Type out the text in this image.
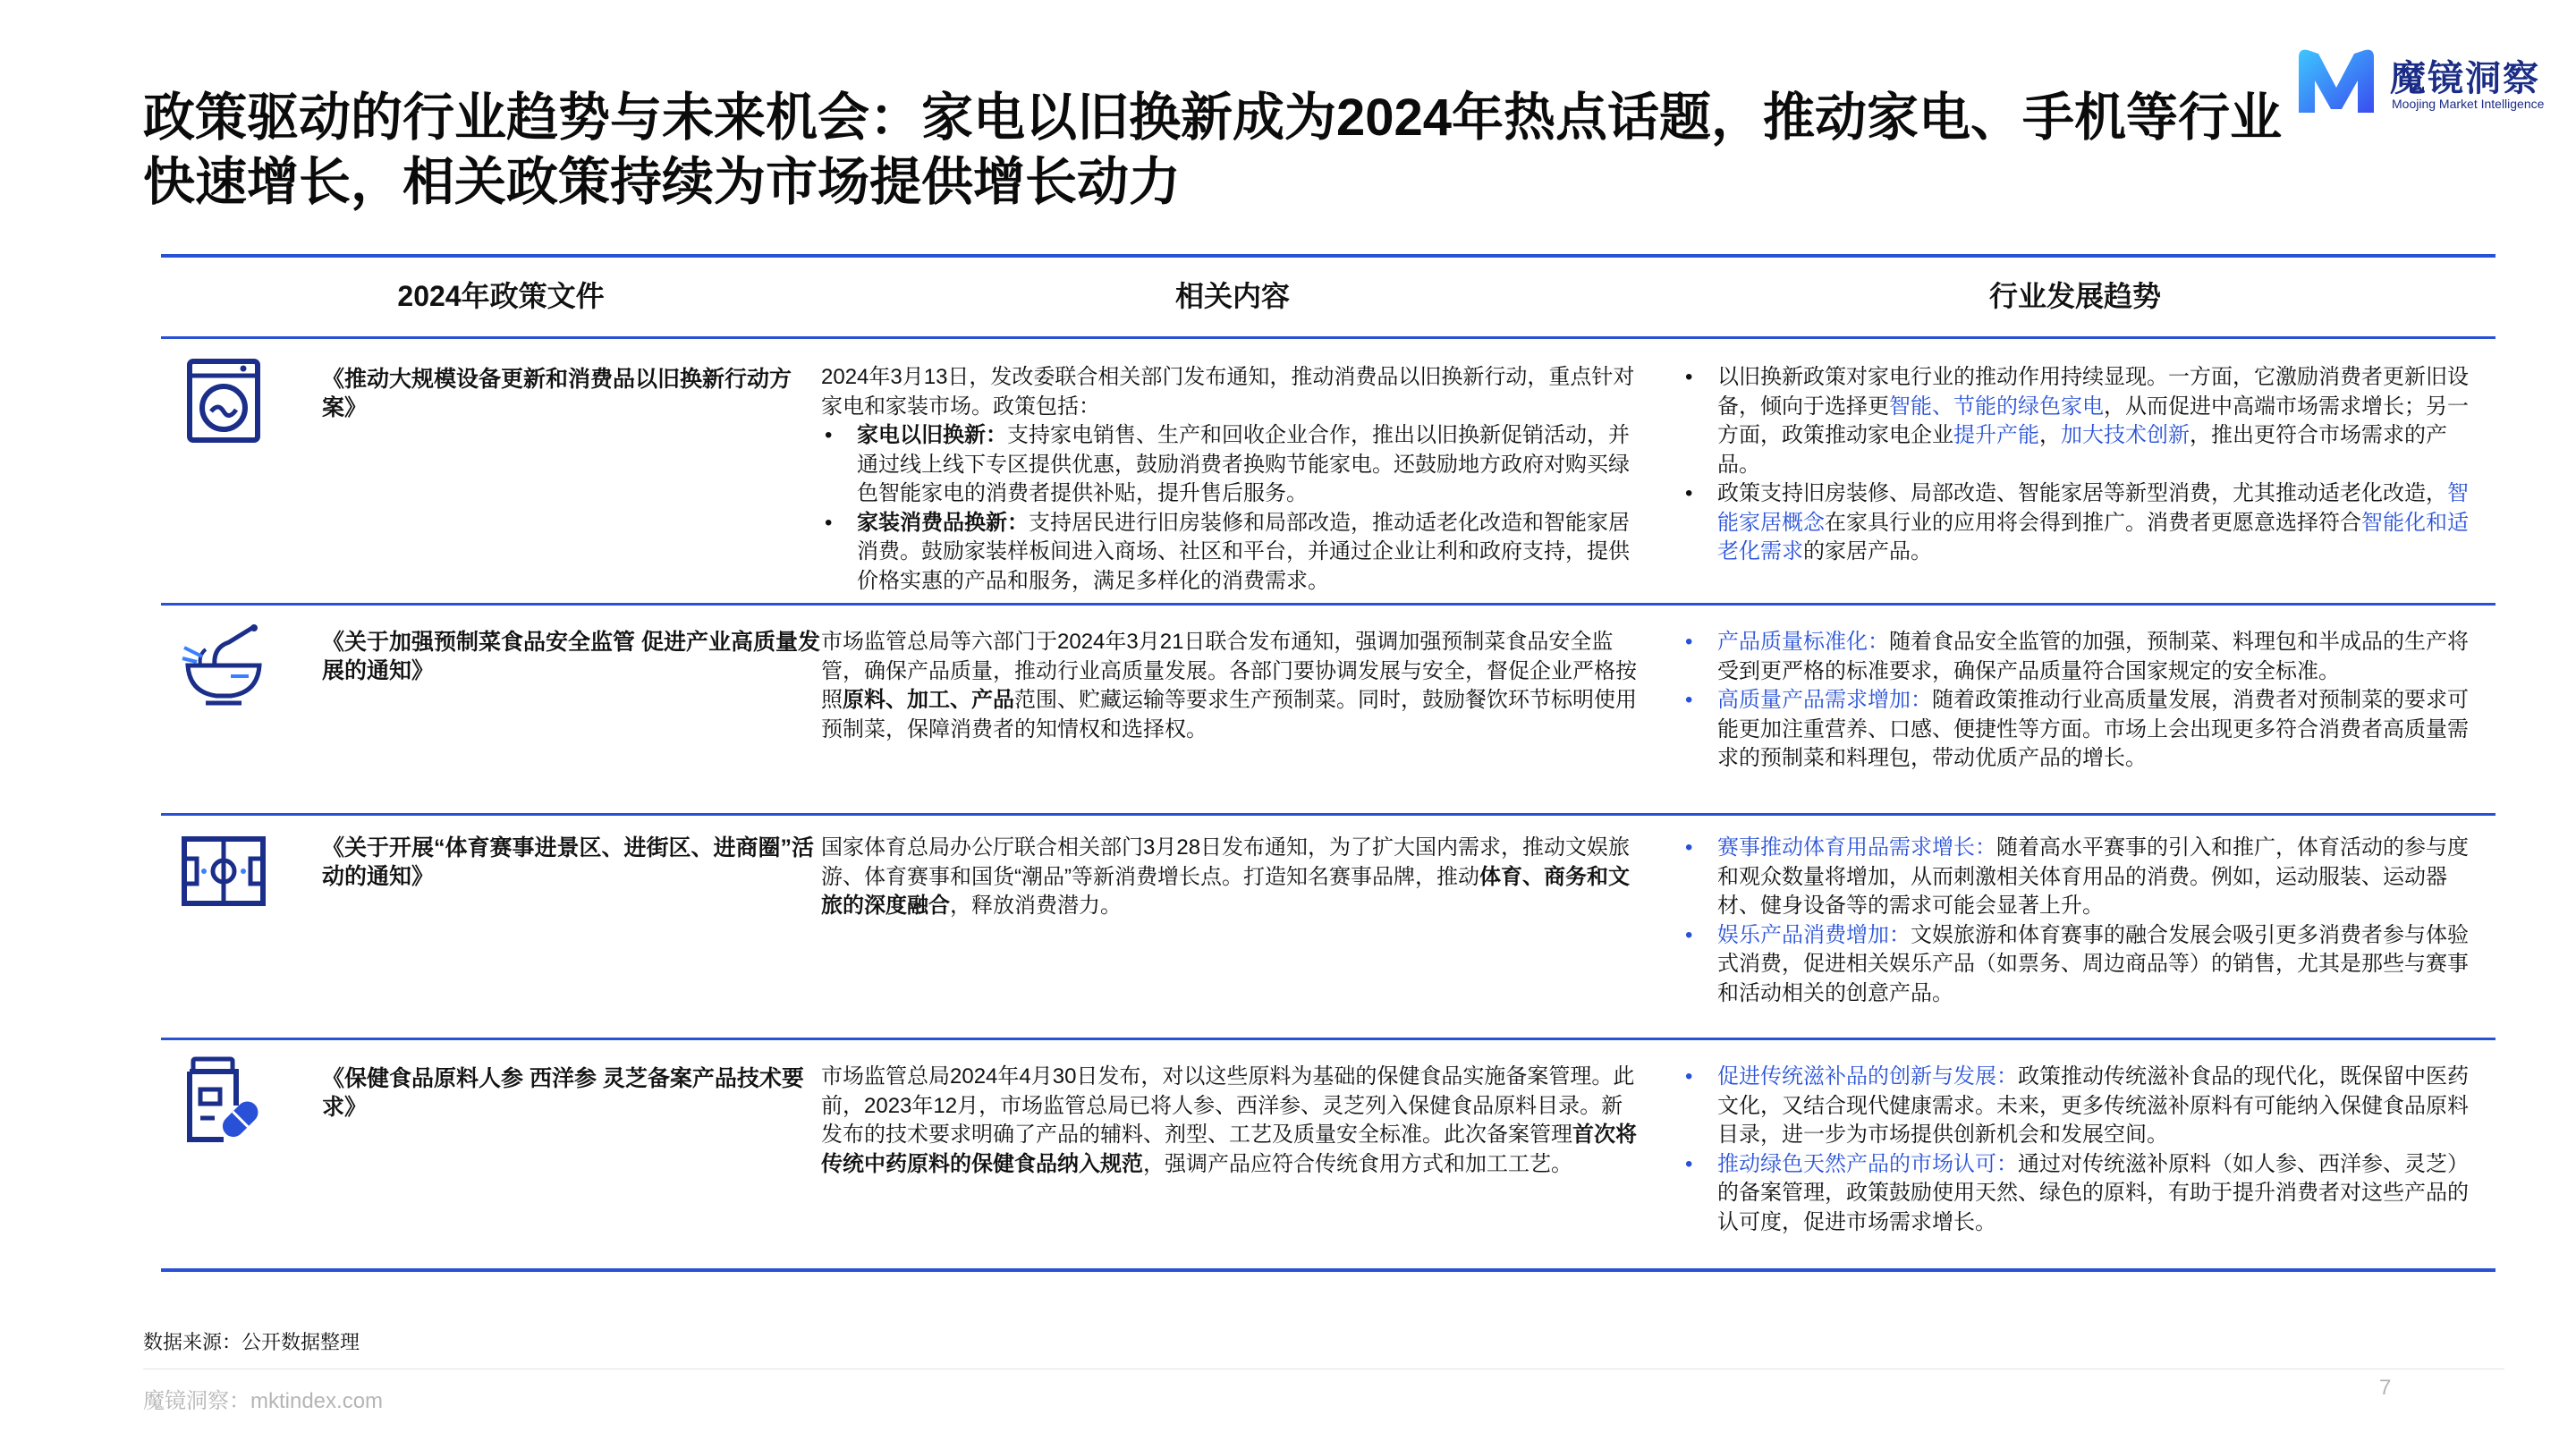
政策驱动的行业趋势与未来机会：家电以旧换新成为2024年热点话题，推动家电、手机等行业快速增长，相关政策持续为市场提供增长动力
魔镜洞察
Moojing Market Intelligence
2024年政策文件	相关内容	行业发展趋势
《推动大规模设备更新和消费品以旧换新行动方案》
2024年3月13日，发改委联合相关部门发布通知，推动消费品以旧换新行动，重点针对家电和家装市场。政策包括：
• 家电以旧换新：支持家电销售、生产和回收企业合作，推出以旧换新促销活动，并通过线上线下专区提供优惠，鼓励消费者换购节能家电。还鼓励地方政府对购买绿色智能家电的消费者提供补贴，提升售后服务。
• 家装消费品换新：支持居民进行旧房装修和局部改造，推动适老化改造和智能家居消费。鼓励家装样板间进入商场、社区和平台，并通过企业让利和政府支持，提供价格实惠的产品和服务，满足多样化的消费需求。
• 以旧换新政策对家电行业的推动作用持续显现。一方面，它激励消费者更新旧设备，倾向于选择更智能、节能的绿色家电，从而促进中高端市场需求增长；另一方面，政策推动家电企业提升产能，加大技术创新，推出更符合市场需求的产品。
• 政策支持旧房装修、局部改造、智能家居等新型消费，尤其推动适老化改造，智能家居概念在家具行业的应用将会得到推广。消费者更愿意选择符合智能化和适老化需求的家居产品。
《关于加强预制菜食品安全监管 促进产业高质量发展的通知》
市场监管总局等六部门于2024年3月21日联合发布通知，强调加强预制菜食品安全监管，确保产品质量，推动行业高质量发展。各部门要协调发展与安全，督促企业严格按照原料、加工、产品范围、贮藏运输等要求生产预制菜。同时，鼓励餐饮环节标明使用预制菜，保障消费者的知情权和选择权。
• 产品质量标准化：随着食品安全监管的加强，预制菜、料理包和半成品的生产将受到更严格的标准要求，确保产品质量符合国家规定的安全标准。
• 高质量产品需求增加：随着政策推动行业高质量发展，消费者对预制菜的要求可能更加注重营养、口感、便捷性等方面。市场上会出现更多符合消费者高质量需求的预制菜和料理包，带动优质产品的增长。
《关于开展“体育赛事进景区、进街区、进商圈”活动的通知》
国家体育总局办公厅联合相关部门3月28日发布通知，为了扩大国内需求，推动文娱旅游、体育赛事和国货“潮品”等新消费增长点。打造知名赛事品牌，推动体育、商务和文旅的深度融合，释放消费潜力。
• 赛事推动体育用品需求增长：随着高水平赛事的引入和推广，体育活动的参与度和观众数量将增加，从而刺激相关体育用品的消费。例如，运动服装、运动器材、健身设备等的需求可能会显著上升。
• 娱乐产品消费增加：文娱旅游和体育赛事的融合发展会吸引更多消费者参与体验式消费，促进相关娱乐产品（如票务、周边商品等）的销售，尤其是那些与赛事和活动相关的创意产品。
《保健食品原料人参 西洋参 灵芝备案产品技术要求》
市场监管总局2024年4月30日发布，对以这些原料为基础的保健食品实施备案管理。此前，2023年12月，市场监管总局已将人参、西洋参、灵芝列入保健食品原料目录。新发布的技术要求明确了产品的辅料、剂型、工艺及质量安全标准。此次备案管理首次将传统中药原料的保健食品纳入规范，强调产品应符合传统食用方式和加工工艺。
• 促进传统滋补品的创新与发展：政策推动传统滋补食品的现代化，既保留中医药文化，又结合现代健康需求。未来，更多传统滋补原料有可能纳入保健食品原料目录，进一步为市场提供创新机会和发展空间。
• 推动绿色天然产品的市场认可：通过对传统滋补原料（如人参、西洋参、灵芝）的备案管理，政策鼓励使用天然、绿色的原料，有助于提升消费者对这些产品的认可度，促进市场需求增长。
数据来源：公开数据整理
魔镜洞察：mktindex.com
7
